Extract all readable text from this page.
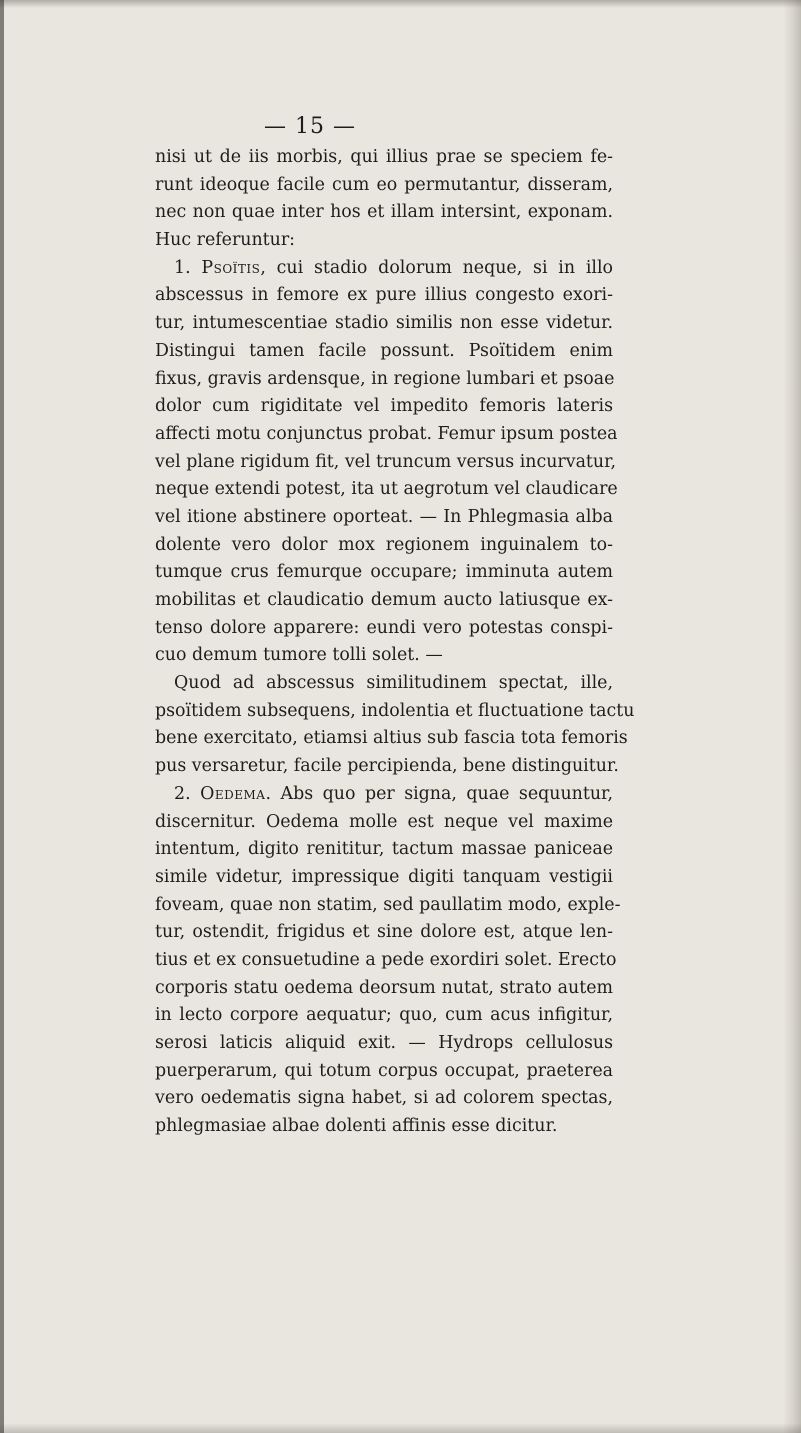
— 15 —
nisi ut de iis morbis, qui illius prae se speciem fe-
runt ideoque facile cum eo permutantur, disseram,
nec non quae inter hos et illam intersint, exponam.
Huc referuntur:
1. Psoïtis, cui stadio dolorum neque, si in illo
abscessus in femore ex pure illius congesto exori-
tur, intumescentiae stadio similis non esse videtur.
Distingui tamen facile possunt. Psoïtidem enim
fixus, gravis ardensque, in regione lumbari et psoae
dolor cum rigiditate vel impedito femoris lateris
affecti motu conjunctus probat. Femur ipsum postea
vel plane rigidum fit, vel truncum versus incurvatur,
neque extendi potest, ita ut aegrotum vel claudicare
vel itione abstinere oporteat. — In Phlegmasia alba
dolente vero dolor mox regionem inguinalem to-
tumque crus femurque occupare; imminuta autem
mobilitas et claudicatio demum aucto latiusque ex-
tenso dolore apparere: eundi vero potestas conspi-
cuo demum tumore tolli solet. —
Quod ad abscessus similitudinem spectat, ille,
psoïtidem subsequens, indolentia et fluctuatione tactu
bene exercitato, etiamsi altius sub fascia tota femoris
pus versaretur, facile percipienda, bene distinguitur.
2. Oedema. Abs quo per signa, quae sequuntur,
discernitur. Oedema molle est neque vel maxime
intentum, digito renititur, tactum massae paniceae
simile videtur, impressique digiti tanquam vestigii
foveam, quae non statim, sed paullatim modo, exple-
tur, ostendit, frigidus et sine dolore est, atque len-
tius et ex consuetudine a pede exordiri solet. Erecto
corporis statu oedema deorsum nutat, strato autem
in lecto corpore aequatur; quo, cum acus infigitur,
serosi laticis aliquid exit. — Hydrops cellulosus
puerperarum, qui totum corpus occupat, praeterea
vero oedematis signa habet, si ad colorem spectas,
phlegmasiae albae dolenti affinis esse dicitur.
